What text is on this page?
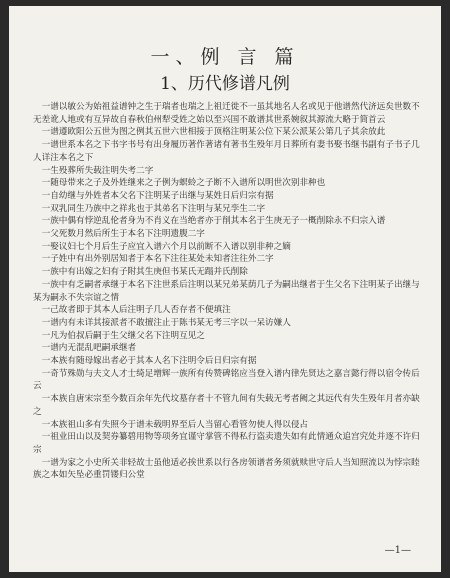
一、例 言 篇
1、历代修谱凡例

一谱以敏公为始祖益谱钟之生于瑞者也瑞之上祖迁徙不一虽其地名人名或见于他谱然代济远矣世数不无差讹人地或有互异故自春秋伯州犁受姓之始以至兴国不敢谱其世系婉叙其源流大略于简首云

一谱遵欧阳公五世为图之例其五世六世相接于顶格注明某公位下某公派某公第几子其余放此

一谱世系本名之下书字书号有出身履历著作著诸有著书生殁年月日葬所有妻书娶书继书副有子书子几人详注本名之下

一生殁葬所失载注明失考二字

一随母带来之子及外姓继来之子例为螟蛉之子断不入谱所以明世次别非种也

一自幼继与外姓者本父名下注明某子出继与某姓日后归宗有据

一双乳同生乃族中之祥兆也于其弟名下注明与某兄孪生二字

一族中偶有悖逆乱伦者身为不肖义在当绝者亦于削其本名于生庚无子一概削除永不归宗入谱

一父死数月然后所生于本名下注明遗腹二字

一娶议妇七个月后生子应宜入谱六个月以前断不入谱以别非种之嫡

一子姓中有出外别居知者于本名下注往某处未知者注往外二字

一族中有出嫁之妇有子附其生庚但书某氏无蹋并氏削除

一族中有乏嗣者承继于本名下注世系后注明以某兄弟某荫几子为嗣出继者于生父名下注明某子出继与某为嗣永不失宗谊之情

一己故者即于其本人后注明子几人否存者不便填注

一谱内有未详其接派者不敢擅注止于陈书某无考三字以一呆访嫌人

一凡为伯叔后嗣于生父继父名下注明互见之

一谱内无混乱吧嗣承继者

一本族有随母嫁出者必于其本人名下注明令后日归宗有据

一奇节殊勋与夫文人才士绮足增辉一族所有传赞碑铭应当登入谱内律先贤达之嘉言懿行得以宿令传后云

一本族自唐宋宗至今数百余年先代坟墓存者十不管九间有失载无考者阙之其远代有失生殁年月者亦缺之

一本族祖山多有失照今于谱未载明界至后人当留心看管勿使人得以侵占

一祖业田山以及契券纂碧用物等项务宜谨守掌管不得私行盗卖遗失如有此情通众追宫究处并逐不许归宗

一谱为家之小史所关非轻故士虽他适必挨世系以行各房领谱者务须就赎世守后人当知照流以为悖宗睦族之本如矢坠必重罚镂归公堂

—1—
